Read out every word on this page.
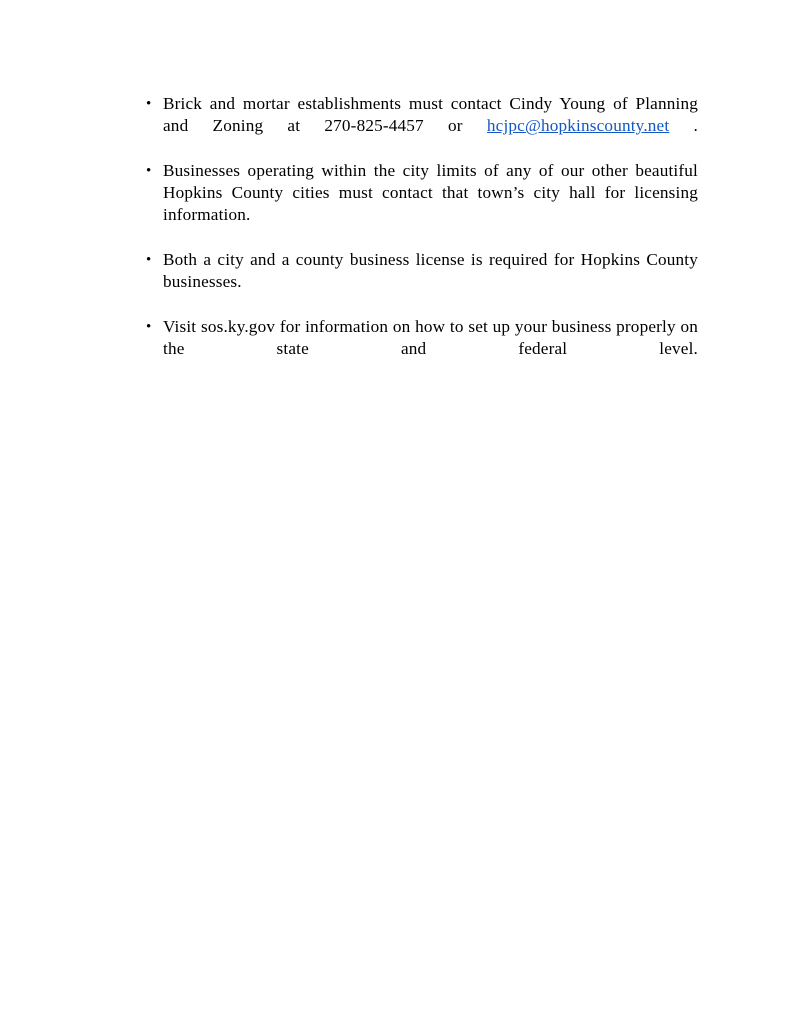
• Brick and mortar establishments must contact Cindy Young of Planning and Zoning at 270-825-4457 or hcjpc@hopkinscounty.net .
• Businesses operating within the city limits of any of our other beautiful Hopkins County cities must contact that town’s city hall for licensing information.
• Both a city and a county business license is required for Hopkins County businesses.
• Visit sos.ky.gov for information on how to set up your business properly on the state and federal level.
